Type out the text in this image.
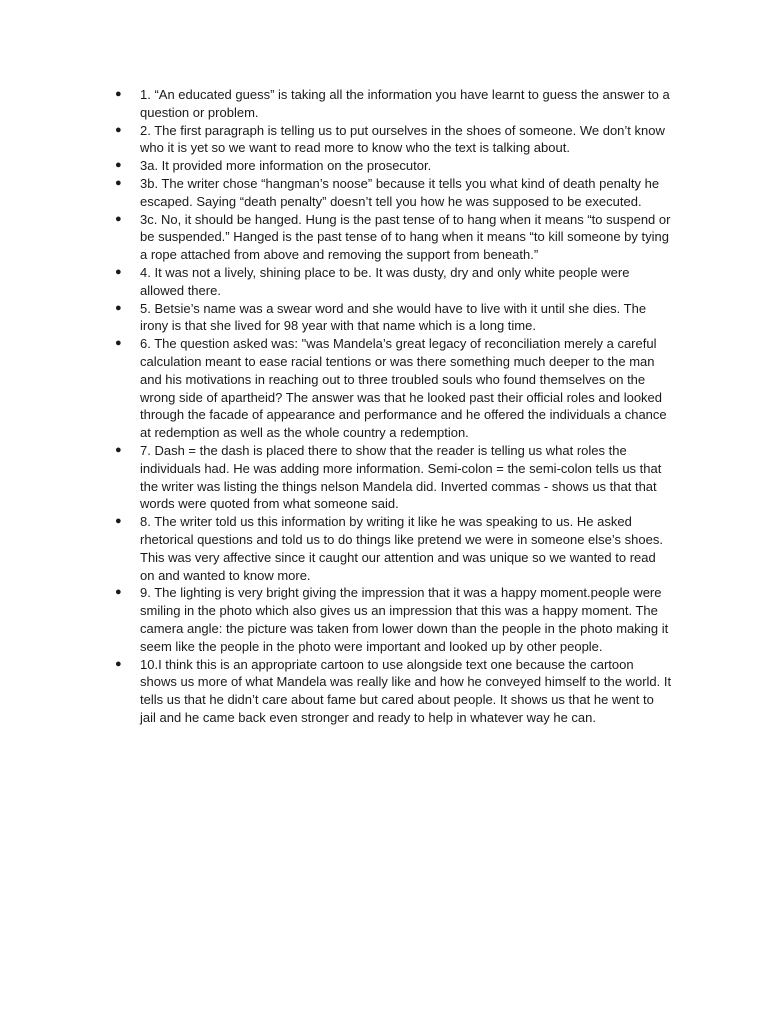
● 1. “An educated guess” is taking all the information you have learnt to guess the answer to a question or problem.
● 2. The first paragraph is telling us to put ourselves in the shoes of someone. We don’t know who it is yet so we want to read more to know who the text is talking about.
● 3a. It provided more information on the prosecutor.
● 3b. The writer chose “hangman’s noose” because it tells you what kind of death penalty he escaped. Saying “death penalty” doesn’t tell you how he was supposed to be executed.
● 3c. No, it should be hanged. Hung is the past tense of to hang when it means “to suspend or be suspended.” Hanged is the past tense of to hang when it means “to kill someone by tying a rope attached from above and removing the support from beneath.”
● 4. It was not a lively, shining place to be. It was dusty, dry and only white people were allowed there.
● 5. Betsie’s name was a swear word and she would have to live with it until she dies. The irony is that she lived for 98 year with that name which is a long time.
● 6. The question asked was: "was Mandela’s great legacy of reconciliation merely a careful calculation meant to ease racial tentions or was there something much deeper to the man and his motivations in reaching out to three troubled souls who found themselves on the wrong side of apartheid? The answer was that he looked past their official roles and looked through the facade of appearance and performance and he offered the individuals a chance at redemption as well as the whole country a redemption.
● 7. Dash = the dash is placed there to show that the reader is telling us what roles the individuals had. He was adding more information. Semi-colon = the semi-colon tells us that the writer was listing the things nelson Mandela did. Inverted commas - shows us that that words were quoted from what someone said.
● 8. The writer told us this information by writing it like he was speaking to us. He asked rhetorical questions and told us to do things like pretend we were in someone else’s shoes. This was very affective since it caught our attention and was unique so we wanted to read on and wanted to know more.
● 9. The lighting is very bright giving the impression that it was a happy moment.people were smiling in the photo which also gives us an impression that this was a happy moment. The camera angle: the picture was taken from lower down than the people in the photo making it seem like the people in the photo were important and looked up by other people.
● 10.I think this is an appropriate cartoon to use alongside text one because the cartoon shows us more of what Mandela was really like and how he conveyed himself to the world. It tells us that he didn’t care about fame but cared about people. It shows us that he went to jail and he came back even stronger and ready to help in whatever way he can.
